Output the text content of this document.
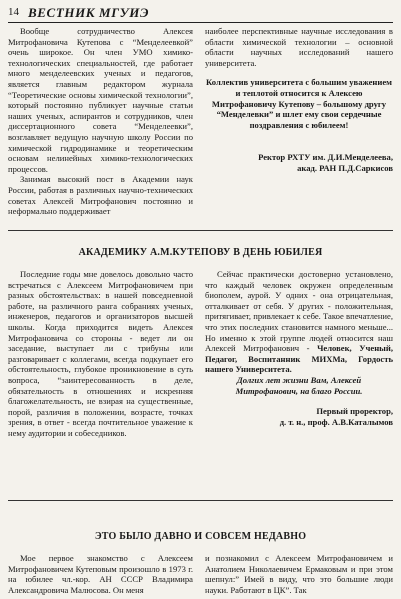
14 ВЕСТНИК МГУИЭ

Вообще сотрудничество Алексея Митрофановича Кутепова с “Менделеевкой” очень широкое. Он член УМО химико-технологических специальностей, где работает много менделеевских ученых и педагогов, является главным редактором журнала “Теоретические основы химической технологии”, который постоянно публикует научные статьи наших ученых, аспирантов и сотрудников, член диссертационного совета “Менделеевки”, возглавляет ведущую научную школу России по химической гидродинамике и теоретическим основам нелинейных химико-технологических процессов.

Занимая высокий пост в Академии наук России, работая в различных научно-технических советах Алексей Митрофанович постоянно и неформально поддерживает

наиболее перспективные научные исследования в области химической технологии – основной области научных исследований нашего университета.

Коллектив университета с большим уважением и теплотой относится к Алексею Митрофановичу Кутепову – большому другу “Менделевки” и шлет ему свои сердечные поздравления с юбилеем!

Ректор РХТУ им. Д.И.Менделеева,

акад. РАН П.Д.Саркисов

АКАДЕМИКУ А.М.КУТЕПОВУ В ДЕНЬ ЮБИЛЕЯ

Последние годы мне довелось довольно часто встречаться с Алексеем Митрофановичем при разных обстоятельствах: в нашей повседневной работе, на различного ранга собраниях ученых, инженеров, педагогов и организаторов высшей школы. Когда приходится видеть Алексея Митрофановича со стороны - ведет ли он заседание, выступает ли с трибуны или разговаривает с коллегами, всегда подкупает его обстоятельность, глубокое проникновение в суть вопроса, “заинтересованность в деле, обязательность в отношениях и искренняя благожелательность, не взирая на существенные, порой, различия в положении, возрасте, точках зрения, в ответ - всегда почтительное уважение к нему аудитории и собеседников.

Сейчас практически достоверно установлено, что каждый человек окружен определенным биополем, аурой. У одних - она отрицательная, отталкивает от себя. У других - положительная, притягивает, привлекает к себе. Такое впечатление, что этих последних становится намного меньше... Но именно к этой группе людей относится наш Алексей Митрофанович - Человек, Ученый, Педагог, Воспитанник МИХМа, Гордость нашего Университета.

Долгих лет жизни Вам, Алексей Митрофанович, на благо России.

Первый проректор,

д. т. н., проф. А.В.Каталымов

ЭТО БЫЛО ДАВНО И СОВСЕМ НЕДАВНО

Мое первое знакомство с Алексеем Митрофановичем Кутеповым произошло в 1973 г. на юбилее чл.-кор. АН СССР Владимира Александровича Малюсова. Он меня

и познакомил с Алексеем Митрофановичем и Анатолием Николаевичем Ермаковым и при этом шепнул:” Имей в виду, что это большие люди науки. Работают в ЦК”. Так
